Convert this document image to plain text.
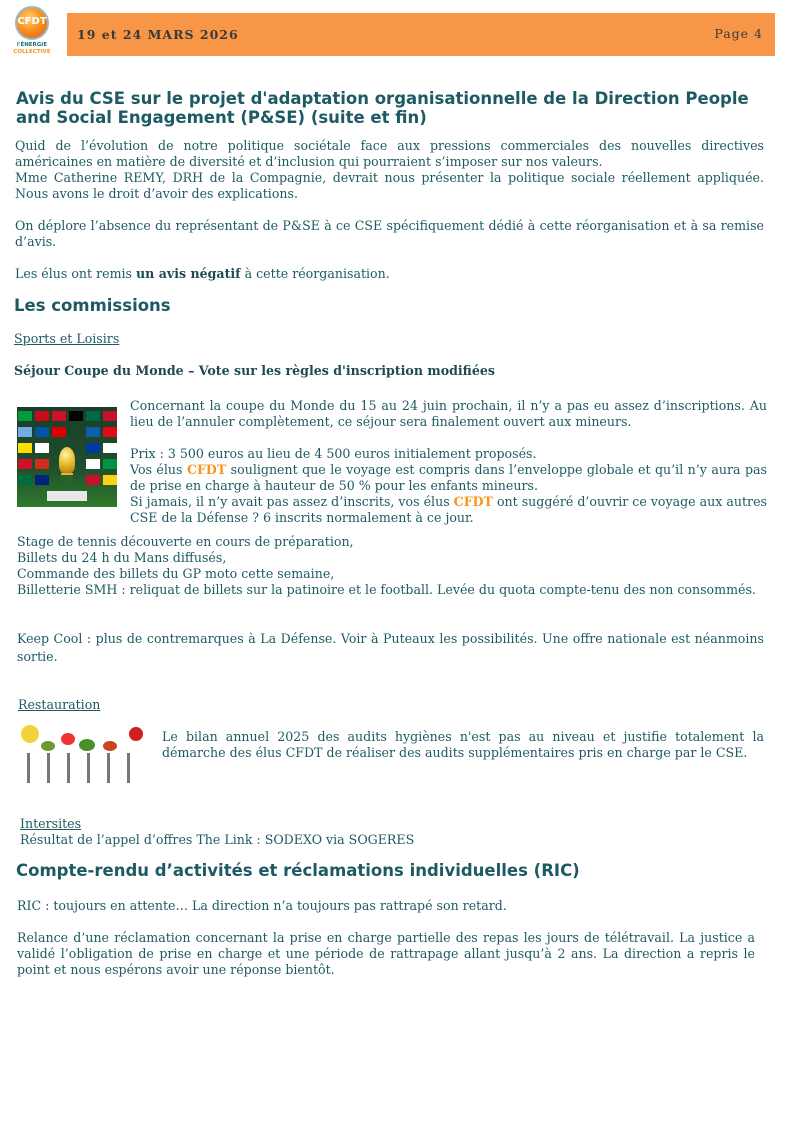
CFDT
l'ÉNERGIE
COLLECTIVE
19 et 24 MARS 2026	Page 4
Avis du CSE sur le projet d'adaptation organisationnelle de la Direction People
and Social Engagement (P&SE) (suite et fin)
Quid de l’évolution de notre politique sociétale face aux pressions commerciales des nouvelles directives américaines en matière de diversité et d’inclusion qui pourraient s’imposer sur nos valeurs.
Mme Catherine REMY, DRH de la Compagnie, devrait nous présenter la politique sociale réellement appliquée. Nous avons le droit d’avoir des explications.
On déplore l’absence du représentant de P&SE à ce CSE spécifiquement dédié à cette réorganisation et à sa remise d’avis.
Les élus ont remis un avis négatif à cette réorganisation.
Les commissions
Sports et Loisirs
Séjour Coupe du Monde – Vote sur les règles d'inscription modifiées
Concernant la coupe du Monde du 15 au 24 juin prochain, il n’y a pas eu assez d’inscriptions. Au lieu de l’annuler complètement, ce séjour sera finalement ouvert aux mineurs.
Prix : 3 500 euros au lieu de 4 500 euros initialement proposés.
Vos élus CFDT soulignent que le voyage est compris dans l’enveloppe globale et qu’il n’y aura pas de prise en charge à hauteur de 50 % pour les enfants mineurs.
Si jamais, il n’y avait pas assez d’inscrits, vos élus CFDT ont suggéré d’ouvrir ce voyage aux autres CSE de la Défense ? 6 inscrits normalement à ce jour.
Stage de tennis découverte en cours de préparation,
Billets du 24 h du Mans diffusés,
Commande des billets du GP moto cette semaine,
Billetterie SMH : reliquat de billets sur la patinoire et le football. Levée du quota compte-tenu des non consommés.
Keep Cool : plus de contremarques à La Défense. Voir à Puteaux les possibilités. Une offre nationale est néanmoins sortie.
Restauration
Le bilan annuel 2025 des audits hygiènes n'est pas au niveau et justifie totalement la démarche des élus CFDT de réaliser des audits supplémentaires pris en charge par le CSE.
Intersites
Résultat de l’appel d’offres The Link : SODEXO via SOGERES
Compte-rendu d’activités et réclamations individuelles (RIC)
RIC : toujours en attente… La direction n’a toujours pas rattrapé son retard.
Relance d’une réclamation concernant la prise en charge partielle des repas les jours de télétravail. La justice a validé l’obligation de prise en charge et une période de rattrapage allant jusqu’à 2 ans. La direction a repris le point et nous espérons avoir une réponse bientôt.
